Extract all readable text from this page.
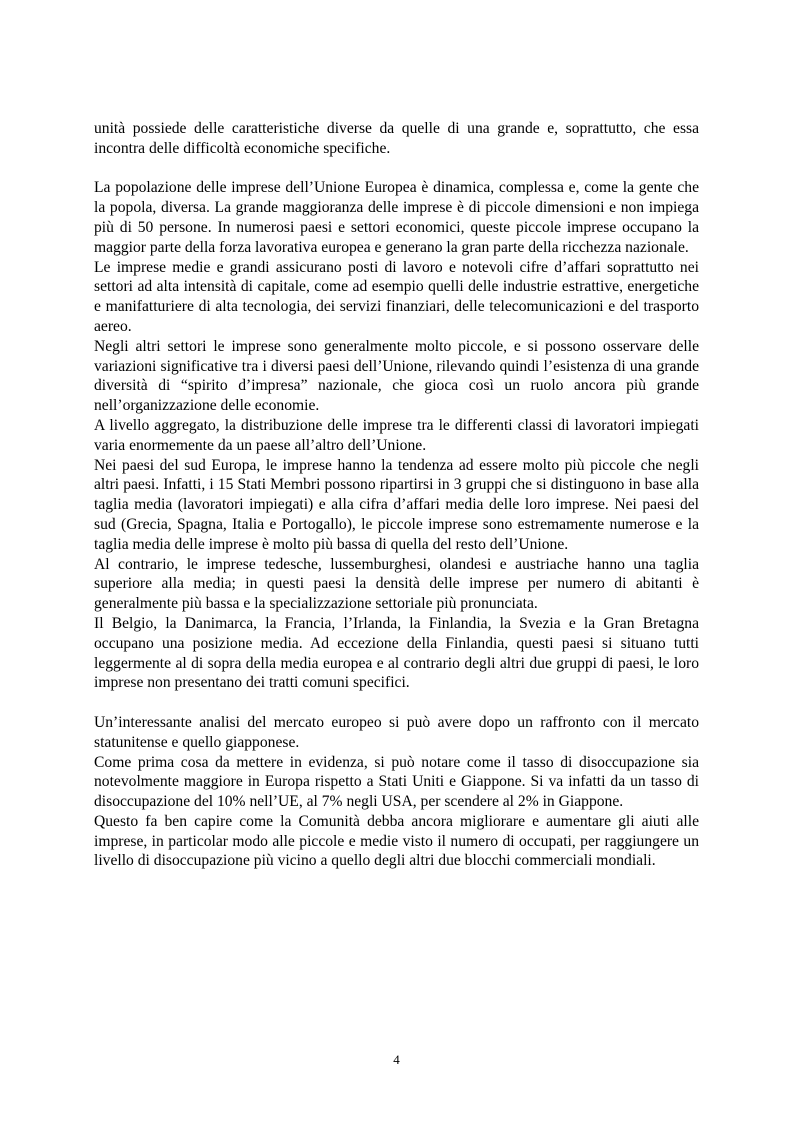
unità possiede delle caratteristiche diverse da quelle di una grande e, soprattutto, che essa incontra delle difficoltà economiche specifiche.

La popolazione delle imprese dell’Unione Europea è dinamica, complessa e, come la gente che la popola, diversa. La grande maggioranza delle imprese è di piccole dimensioni e non impiega più di 50 persone. In numerosi paesi e settori economici, queste piccole imprese occupano la maggior parte della forza lavorativa europea e generano la gran parte della ricchezza nazionale.

Le imprese medie e grandi assicurano posti di lavoro e notevoli cifre d’affari soprattutto nei settori ad alta intensità di capitale, come ad esempio quelli delle industrie estrattive, energetiche e manifatturiere di alta tecnologia, dei servizi finanziari, delle telecomunicazioni e del trasporto aereo.

Negli altri settori le imprese sono generalmente molto piccole, e si possono osservare delle variazioni significative tra i diversi paesi dell’Unione, rilevando quindi l’esistenza di una grande diversità di “spirito d’impresa” nazionale, che gioca così un ruolo ancora più grande nell’organizzazione delle economie.

A livello aggregato, la distribuzione delle imprese tra le differenti classi di lavoratori impiegati varia enormemente da un paese all’altro dell’Unione.

Nei paesi del sud Europa, le imprese hanno la tendenza ad essere molto più piccole che negli altri paesi. Infatti, i 15 Stati Membri possono ripartirsi in 3 gruppi che si distinguono in base alla taglia media (lavoratori impiegati) e alla cifra d’affari media delle loro imprese. Nei paesi del sud (Grecia, Spagna, Italia e Portogallo), le piccole imprese sono estremamente numerose e la taglia media delle imprese è molto più bassa di quella del resto dell’Unione.

Al contrario, le imprese tedesche, lussemburghesi, olandesi e austriache hanno una taglia superiore alla media; in questi paesi la densità delle imprese per numero di abitanti è generalmente più bassa e la specializzazione settoriale più pronunciata.

Il Belgio, la Danimarca, la Francia, l’Irlanda, la Finlandia, la Svezia e la Gran Bretagna occupano una posizione media. Ad eccezione della Finlandia, questi paesi si situano tutti leggermente al di sopra della media europea e al contrario degli altri due gruppi di paesi, le loro imprese non presentano dei tratti comuni specifici.

Un’interessante analisi del mercato europeo si può avere dopo un raffronto con il mercato statunitense e quello giapponese.

Come prima cosa da mettere in evidenza, si può notare come il tasso di disoccupazione sia notevolmente maggiore in Europa rispetto a Stati Uniti e Giappone. Si va infatti da un tasso di disoccupazione del 10% nell’UE, al 7% negli USA, per scendere al 2% in Giappone.

Questo fa ben capire come la Comunità debba ancora migliorare e aumentare gli aiuti alle imprese, in particolar modo alle piccole e medie visto il numero di occupati, per raggiungere un livello di disoccupazione più vicino a quello degli altri due blocchi commerciali mondiali.

4
